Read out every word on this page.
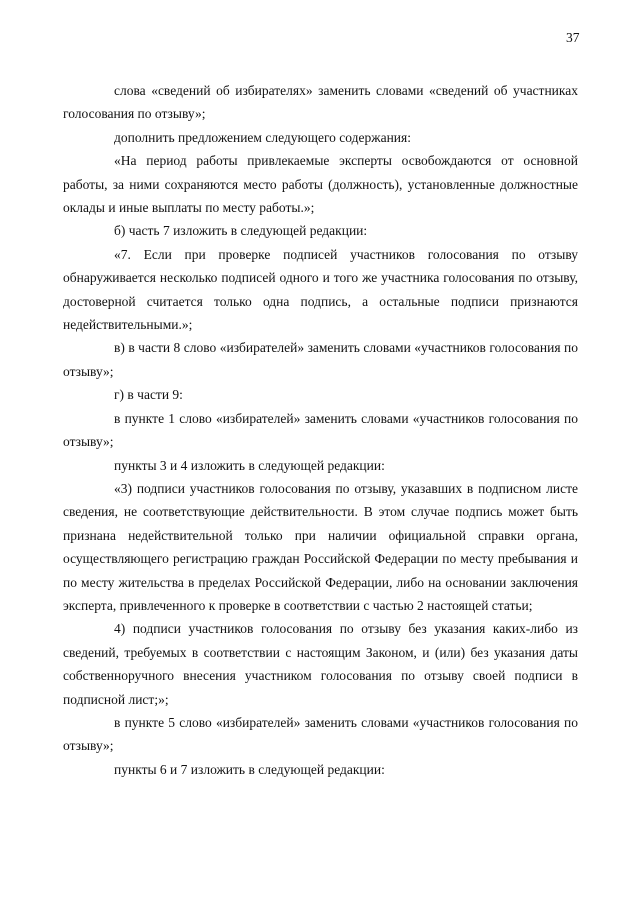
37

слова «сведений об избирателях» заменить словами «сведений об участниках голосования по отзыву»;

дополнить предложением следующего содержания:

«На период работы привлекаемые эксперты освобождаются от основной работы, за ними сохраняются место работы (должность), установленные должностные оклады и иные выплаты по месту работы.»;

б) часть 7 изложить в следующей редакции:

«7. Если при проверке подписей участников голосования по отзыву обнаруживается несколько подписей одного и того же участника голосования по отзыву, достоверной считается только одна подпись, а остальные подписи признаются недействительными.»;

в) в части 8 слово «избирателей» заменить словами «участников голосования по отзыву»;

г) в части 9:

в пункте 1 слово «избирателей» заменить словами «участников голосования по отзыву»;

пункты 3 и 4 изложить в следующей редакции:

«3) подписи участников голосования по отзыву, указавших в подписном листе сведения, не соответствующие действительности. В этом случае подпись может быть признана недействительной только при наличии официальной справки органа, осуществляющего регистрацию граждан Российской Федерации по месту пребывания и по месту жительства в пределах Российской Федерации, либо на основании заключения эксперта, привлеченного к проверке в соответствии с частью 2 настоящей статьи;

4) подписи участников голосования по отзыву без указания каких-либо из сведений, требуемых в соответствии с настоящим Законом, и (или) без указания даты собственноручного внесения участником голосования по отзыву своей подписи в подписной лист;»;

в пункте 5 слово «избирателей» заменить словами «участников голосования по отзыву»;

пункты 6 и 7 изложить в следующей редакции:
